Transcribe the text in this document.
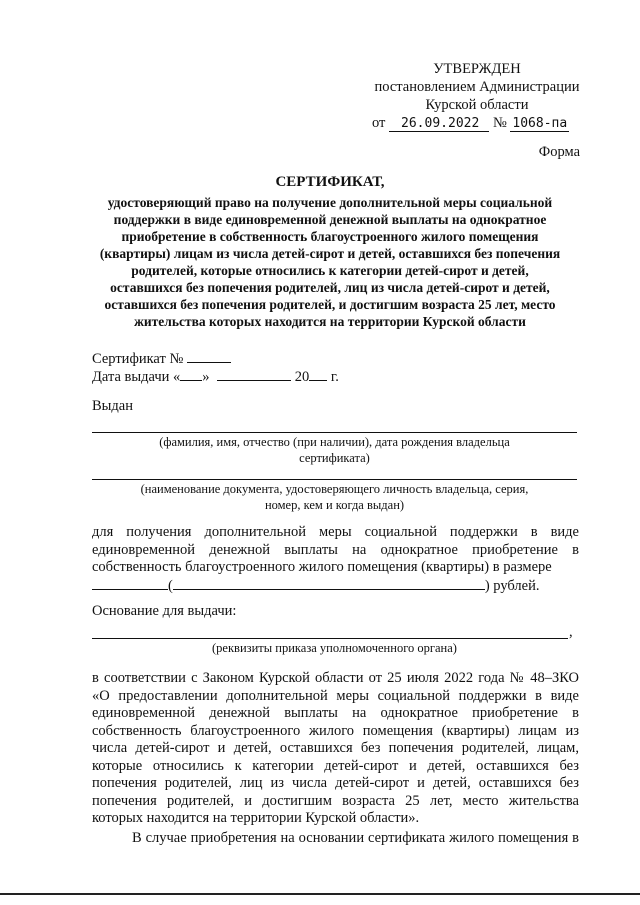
УТВЕРЖДЕН
постановлением Администрации
Курской области
от 26.09.2022 № 1068-па
Форма
СЕРТИФИКАТ,
удостоверяющий право на получение дополнительной меры социальной
поддержки в виде единовременной денежной выплаты на однократное
приобретение в собственность благоустроенного жилого помещения
(квартиры) лицам из числа детей-сирот и детей, оставшихся без попечения
родителей, которые относились к категории детей-сирот и детей,
оставшихся без попечения родителей, лиц из числа детей-сирот и детей,
оставшихся без попечения родителей, и достигшим возраста 25 лет, место
жительства которых находится на территории Курской области
Сертификат №
Дата выдачи « »	20 г.
Выдан
(фамилия, имя, отчество (при наличии), дата рождения владельца
сертификата)
(наименование документа, удостоверяющего личность владельца, серия,
номер, кем и когда выдан)
для получения дополнительной меры социальной поддержки в виде
единовременной денежной выплаты на однократное приобретение в
собственность благоустроенного жилого помещения (квартиры) в размере
(	) рублей.
Основание для выдачи:
,
(реквизиты приказа уполномоченного органа)
в соответствии с Законом Курской области от 25 июля 2022 года № 48–ЗКО «О предоставлении дополнительной меры социальной поддержки в виде единовременной денежной выплаты на однократное приобретение в собственность благоустроенного жилого помещения (квартиры) лицам из числа детей-сирот и детей, оставшихся без попечения родителей, лицам, которые относились к категории детей-сирот и детей, оставшихся без попечения родителей, лиц из числа детей-сирот и детей, оставшихся без попечения родителей, и достигшим возраста 25 лет, место жительства которых находится на территории Курской области».
В случае приобретения на основании сертификата жилого помещения в
